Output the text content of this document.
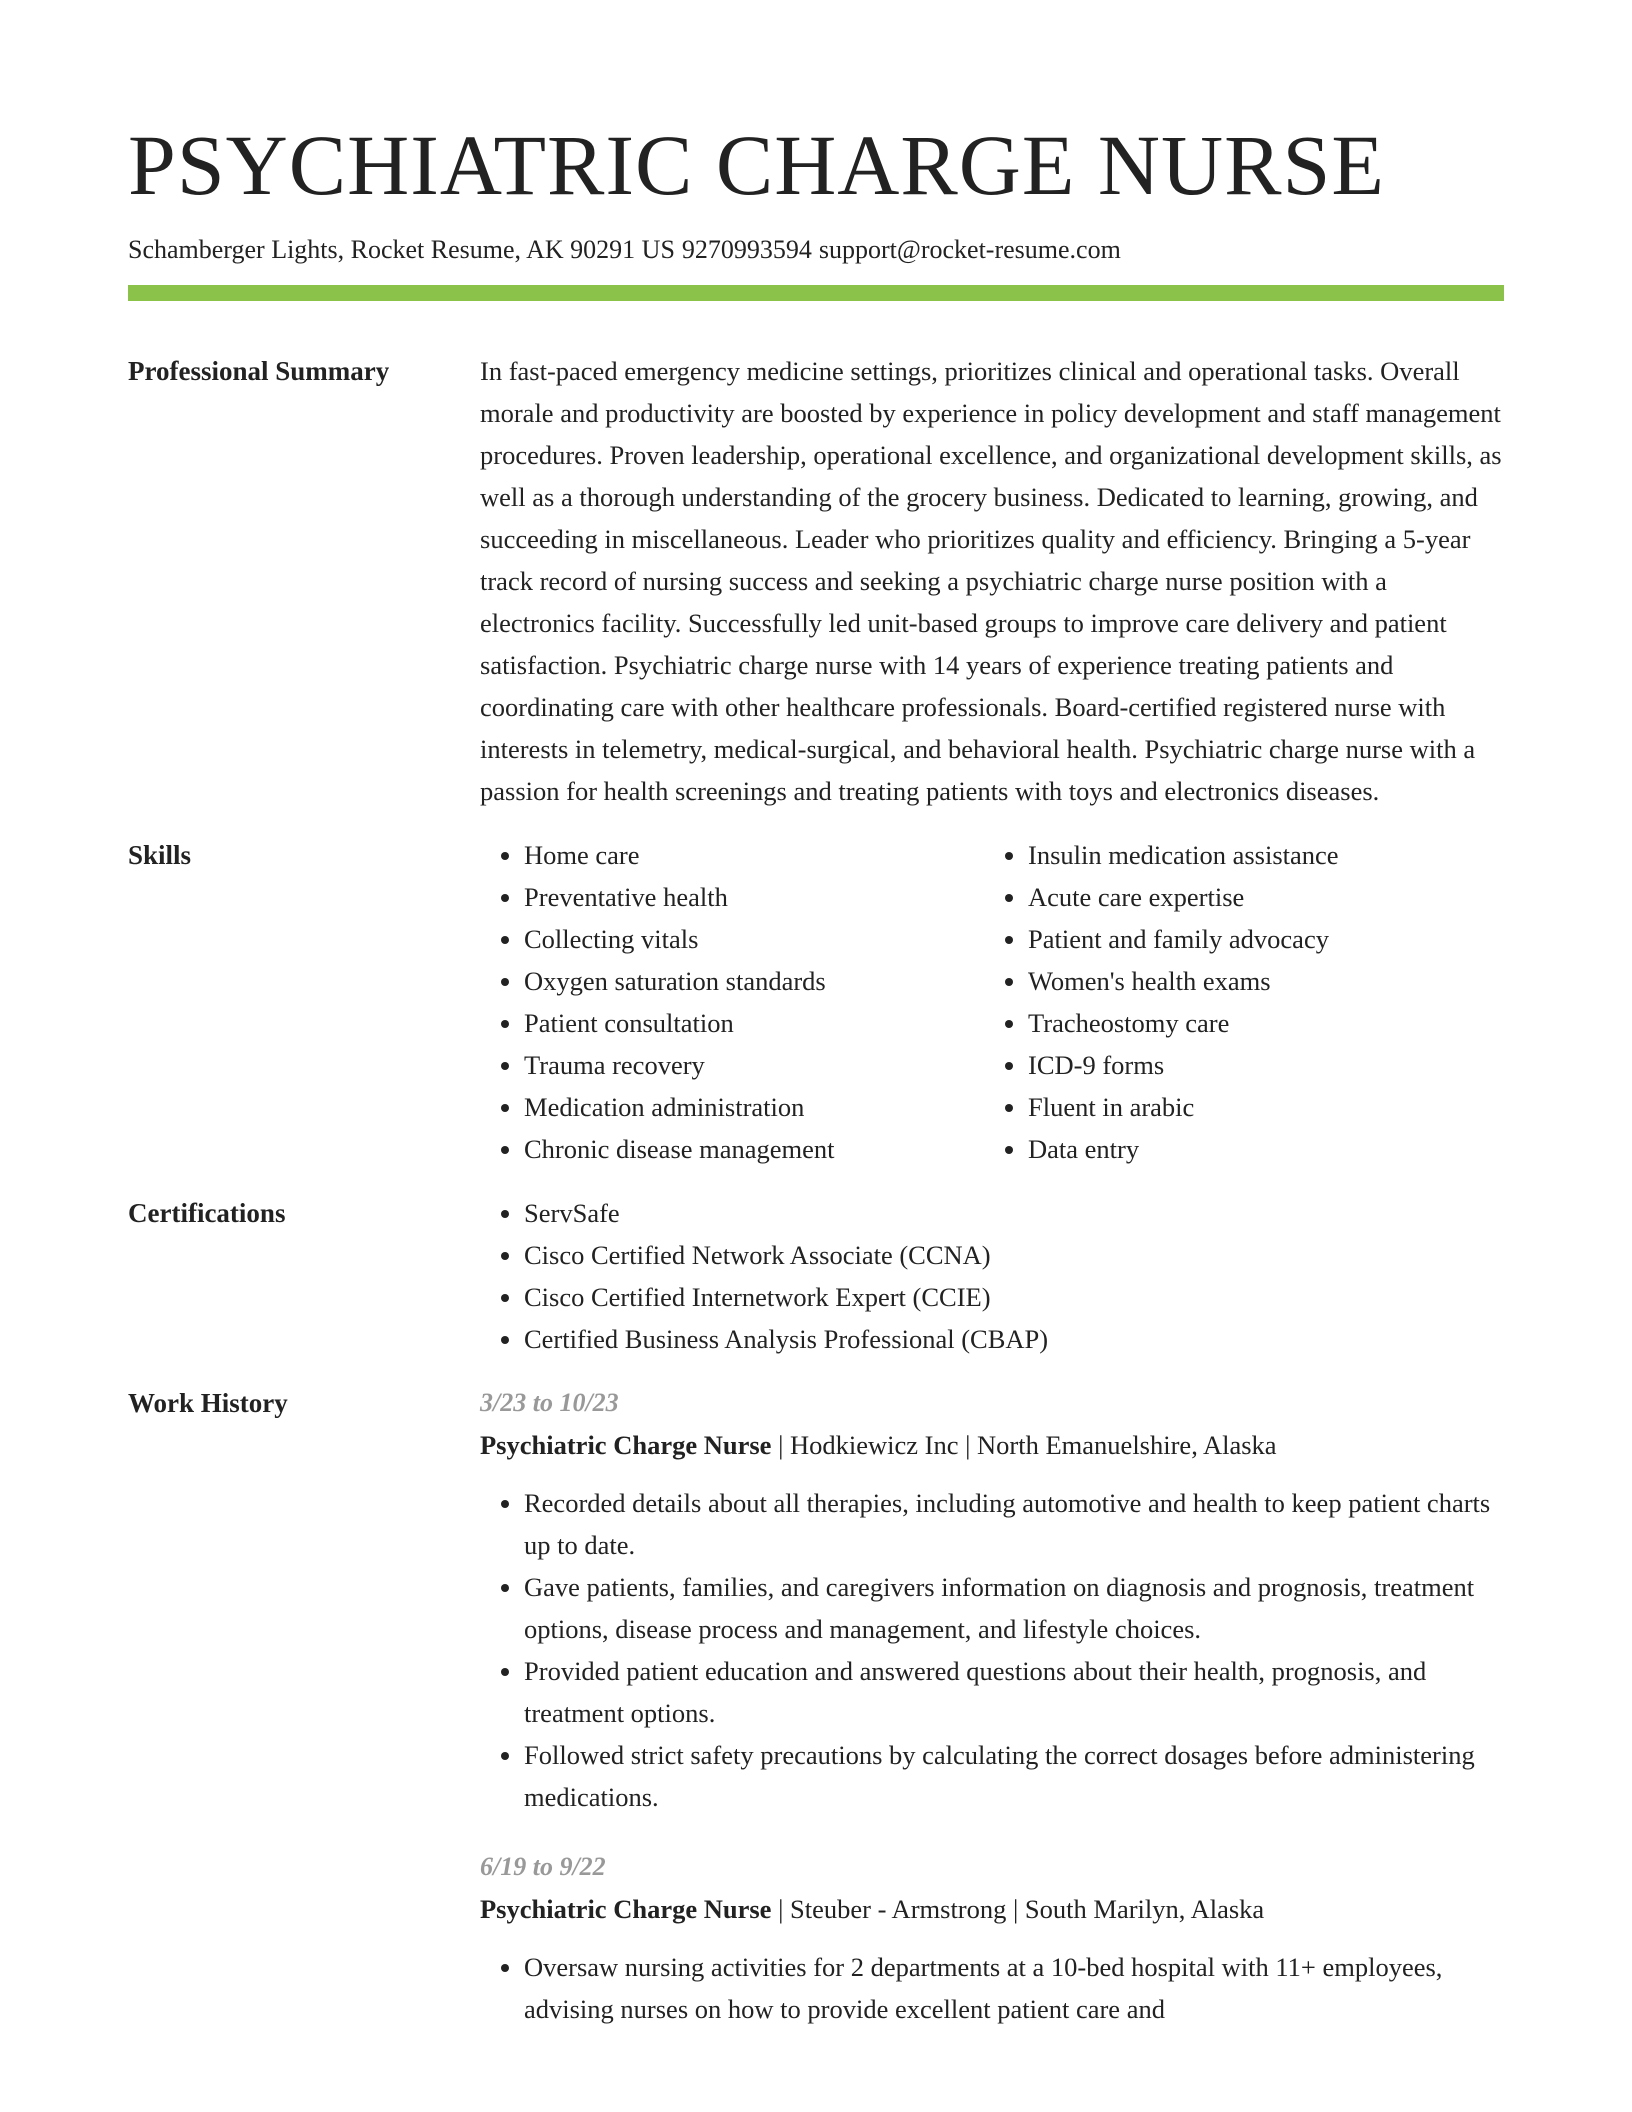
PSYCHIATRIC CHARGE NURSE
Schamberger Lights, Rocket Resume, AK 90291 US 9270993594 support@rocket-resume.com
Professional Summary	In fast-paced emergency medicine settings, prioritizes clinical and operational tasks. Overall morale and productivity are boosted by experience in policy development and staff management procedures. Proven leadership, operational excellence, and organizational development skills, as well as a thorough understanding of the grocery business. Dedicated to learning, growing, and succeeding in miscellaneous. Leader who prioritizes quality and efficiency. Bringing a 5-year track record of nursing success and seeking a psychiatric charge nurse position with a electronics facility. Successfully led unit-based groups to improve care delivery and patient satisfaction. Psychiatric charge nurse with 14 years of experience treating patients and coordinating care with other healthcare professionals. Board-certified registered nurse with interests in telemetry, medical-surgical, and behavioral health. Psychiatric charge nurse with a passion for health screenings and treating patients with toys and electronics diseases.

Skills	• Home care
• Preventative health
• Collecting vitals
• Oxygen saturation standards
• Patient consultation
• Trauma recovery
• Medication administration
• Chronic disease management
• Insulin medication assistance
• Acute care expertise
• Patient and family advocacy
• Women's health exams
• Tracheostomy care
• ICD-9 forms
• Fluent in arabic
• Data entry
Certifications	• ServSafe
• Cisco Certified Network Associate (CCNA)
• Cisco Certified Internetwork Expert (CCIE)
• Certified Business Analysis Professional (CBAP)
Work History	3/23 to 10/23
Psychiatric Charge Nurse | Hodkiewicz Inc | North Emanuelshire, Alaska
• Recorded details about all therapies, including automotive and health to keep patient charts up to date.
• Gave patients, families, and caregivers information on diagnosis and prognosis, treatment options, disease process and management, and lifestyle choices.
• Provided patient education and answered questions about their health, prognosis, and treatment options.
• Followed strict safety precautions by calculating the correct dosages before administering medications.
6/19 to 9/22
Psychiatric Charge Nurse | Steuber - Armstrong | South Marilyn, Alaska
• Oversaw nursing activities for 2 departments at a 10-bed hospital with 11+ employees, advising nurses on how to provide excellent patient care and
